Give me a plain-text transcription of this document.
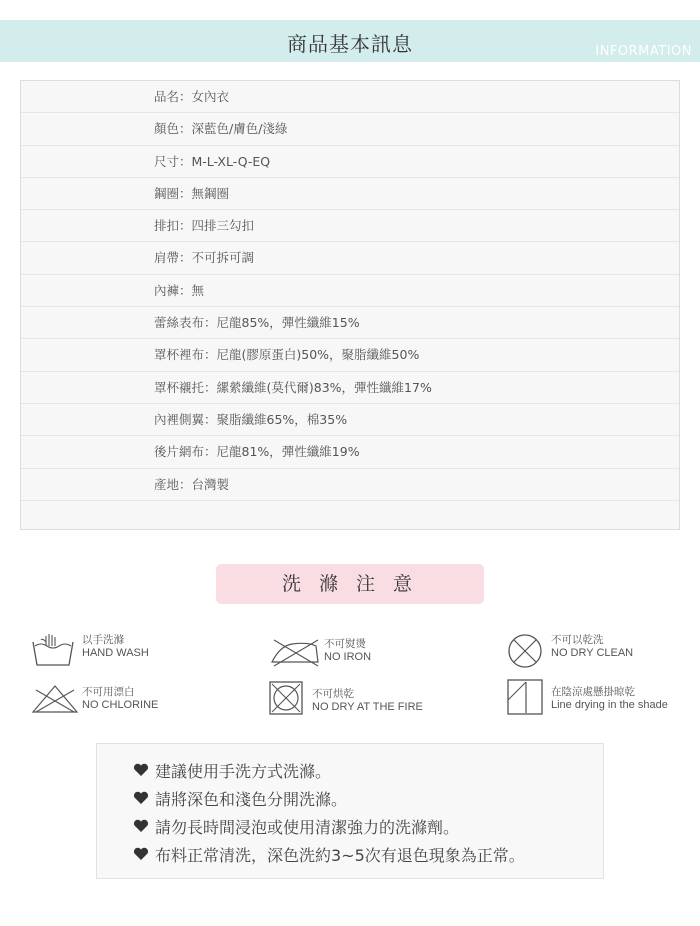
商品基本訊息	INFORMATION
品名：女內衣
顏色：深藍色/膚色/淺綠
尺寸：M-L-XL-Q-EQ
鋼圈：無鋼圈
排扣：四排三勾扣
肩帶：不可拆可調
內褲：無
蕾絲表布：尼龍85%，彈性纖維15%
罩杯裡布：尼龍(膠原蛋白)50%，聚脂纖維50%
罩杯襯托：縲縈纖維(莫代爾)83%，彈性纖維17%
內裡側翼：聚脂纖維65%，棉35%
後片網布：尼龍81%，彈性纖維19%
產地：台灣製
洗 滌 注 意
以手洗滌
HAND WASH
不可熨燙
NO IRON
不可以乾洗
NO DRY CLEAN
不可用漂白
NO CHLORINE
不可烘乾
NO DRY AT THE FIRE
在陰涼處懸掛晾乾
Line drying in the shade
建議使用手洗方式洗滌。
請將深色和淺色分開洗滌。
請勿長時間浸泡或使用清潔強力的洗滌劑。
布料正常清洗，深色洗約3~5次有退色現象為正常。
